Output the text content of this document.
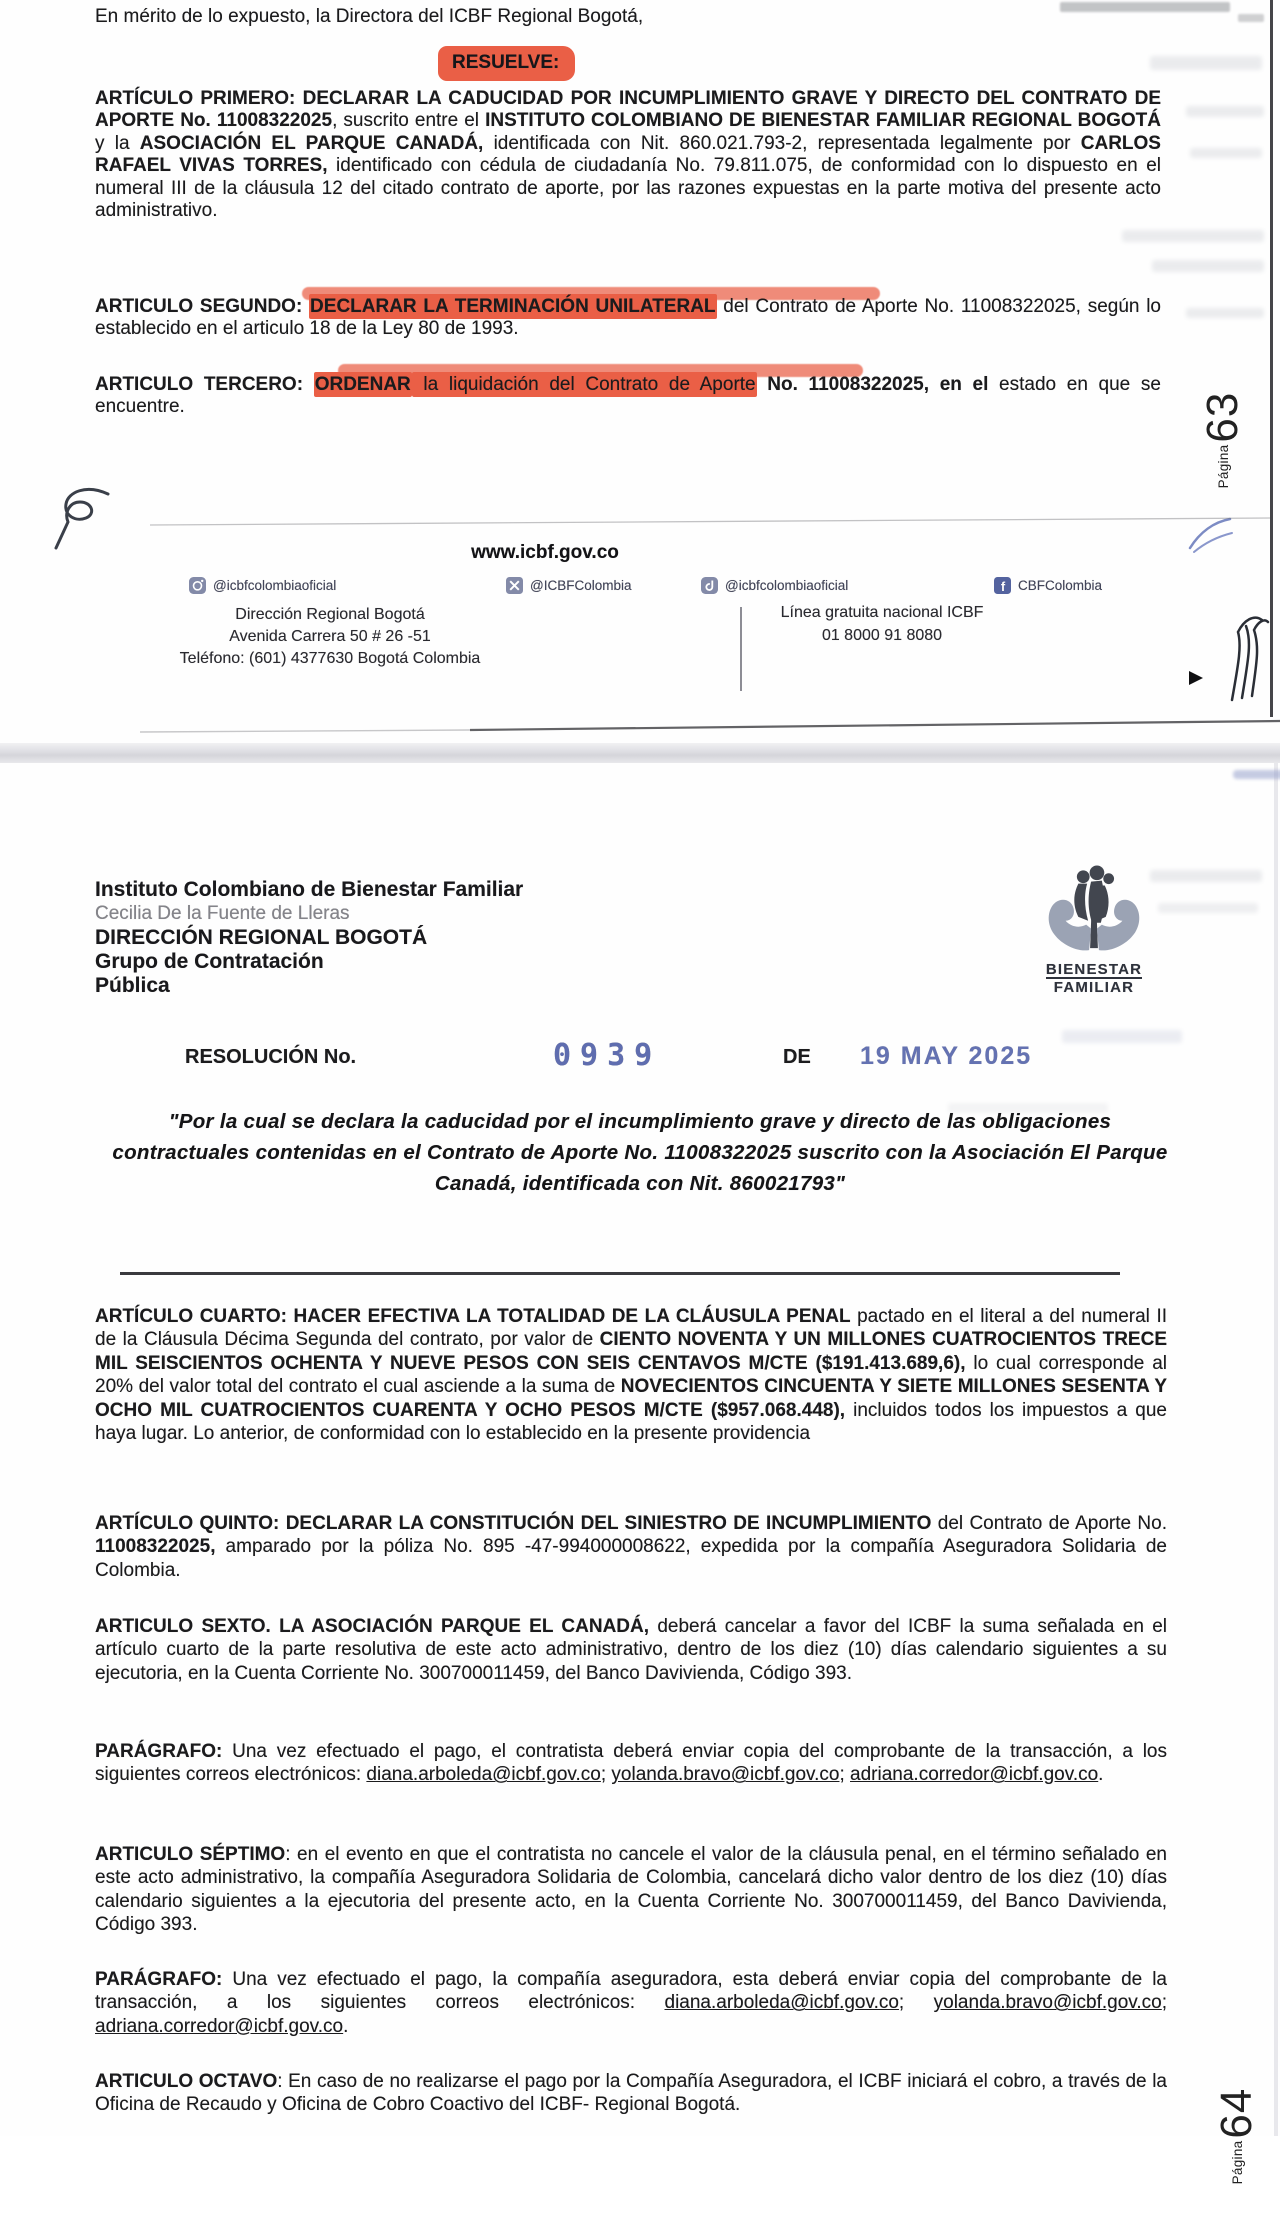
En mérito de lo expuesto, la Directora del ICBF Regional Bogotá,
RESUELVE:
ARTÍCULO PRIMERO: DECLARAR LA CADUCIDAD POR INCUMPLIMIENTO GRAVE Y DIRECTO DEL CONTRATO DE APORTE No. 11008322025, suscrito entre el INSTITUTO COLOMBIANO DE BIENESTAR FAMILIAR REGIONAL BOGOTÁ y la ASOCIACIÓN EL PARQUE CANADÁ, identificada con Nit. 860.021.793-2, representada legalmente por CARLOS RAFAEL VIVAS TORRES, identificado con cédula de ciudadanía No. 79.811.075, de conformidad con lo dispuesto en el numeral III de la cláusula 12 del citado contrato de aporte, por las razones expuestas en la parte motiva del presente acto administrativo.
ARTICULO SEGUNDO: DECLARAR LA TERMINACIÓN UNILATERAL del Contrato de Aporte No. 11008322025, según lo establecido en el articulo 18 de la Ley 80 de 1993.
ARTICULO TERCERO: ORDENAR la liquidación del Contrato de Aporte No. 11008322025, en el estado en que se encuentre.
www.icbf.gov.co
@icbfcolombiaoficial	@ICBFColombia	@icbfcolombiaoficial	f CBFColombia
Dirección Regional Bogotá
Avenida Carrera 50 # 26 -51
Teléfono: (601) 4377630 Bogotá Colombia
Línea gratuita nacional ICBF
01 8000 91 8080
Página
63
Instituto Colombiano de Bienestar Familiar
Cecilia De la Fuente de Lleras
DIRECCIÓN REGIONAL BOGOTÁ
Grupo de Contratación
Pública
BIENESTAR
FAMILIAR
RESOLUCIÓN No.	0939	DE 19 MAY 2025
"Por la cual se declara la caducidad por el incumplimiento grave y directo de las obligaciones contractuales contenidas en el Contrato de Aporte No. 11008322025 suscrito con la Asociación El Parque Canadá, identificada con Nit. 860021793"
ARTÍCULO CUARTO: HACER EFECTIVA LA TOTALIDAD DE LA CLÁUSULA PENAL pactado en el literal a del numeral II de la Cláusula Décima Segunda del contrato, por valor de CIENTO NOVENTA Y UN MILLONES CUATROCIENTOS TRECE MIL SEISCIENTOS OCHENTA Y NUEVE PESOS CON SEIS CENTAVOS M/CTE ($191.413.689,6), lo cual corresponde al 20% del valor total del contrato el cual asciende a la suma de NOVECIENTOS CINCUENTA Y SIETE MILLONES SESENTA Y OCHO MIL CUATROCIENTOS CUARENTA Y OCHO PESOS M/CTE ($957.068.448), incluidos todos los impuestos a que haya lugar. Lo anterior, de conformidad con lo establecido en la presente providencia
ARTÍCULO QUINTO: DECLARAR LA CONSTITUCIÓN DEL SINIESTRO DE INCUMPLIMIENTO del Contrato de Aporte No. 11008322025, amparado por la póliza No. 895 -47-994000008622, expedida por la compañía Aseguradora Solidaria de Colombia.
ARTICULO SEXTO. LA ASOCIACIÓN PARQUE EL CANADÁ, deberá cancelar a favor del ICBF la suma señalada en el artículo cuarto de la parte resolutiva de este acto administrativo, dentro de los diez (10) días calendario siguientes a su ejecutoria, en la Cuenta Corriente No. 300700011459, del Banco Davivienda, Código 393.
PARÁGRAFO: Una vez efectuado el pago, el contratista deberá enviar copia del comprobante de la transacción, a los siguientes correos electrónicos: diana.arboleda@icbf.gov.co; yolanda.bravo@icbf.gov.co; adriana.corredor@icbf.gov.co.
ARTICULO SÉPTIMO: en el evento en que el contratista no cancele el valor de la cláusula penal, en el término señalado en este acto administrativo, la compañía Aseguradora Solidaria de Colombia, cancelará dicho valor dentro de los diez (10) días calendario siguientes a la ejecutoria del presente acto, en la Cuenta Corriente No. 300700011459, del Banco Davivienda, Código 393.
PARÁGRAFO: Una vez efectuado el pago, la compañía aseguradora, esta deberá enviar copia del comprobante de la transacción, a los siguientes correos electrónicos: diana.arboleda@icbf.gov.co; yolanda.bravo@icbf.gov.co; adriana.corredor@icbf.gov.co.
ARTICULO OCTAVO: En caso de no realizarse el pago por la Compañía Aseguradora, el ICBF iniciará el cobro, a través de la Oficina de Recaudo y Oficina de Cobro Coactivo del ICBF- Regional Bogotá.
Página
64
